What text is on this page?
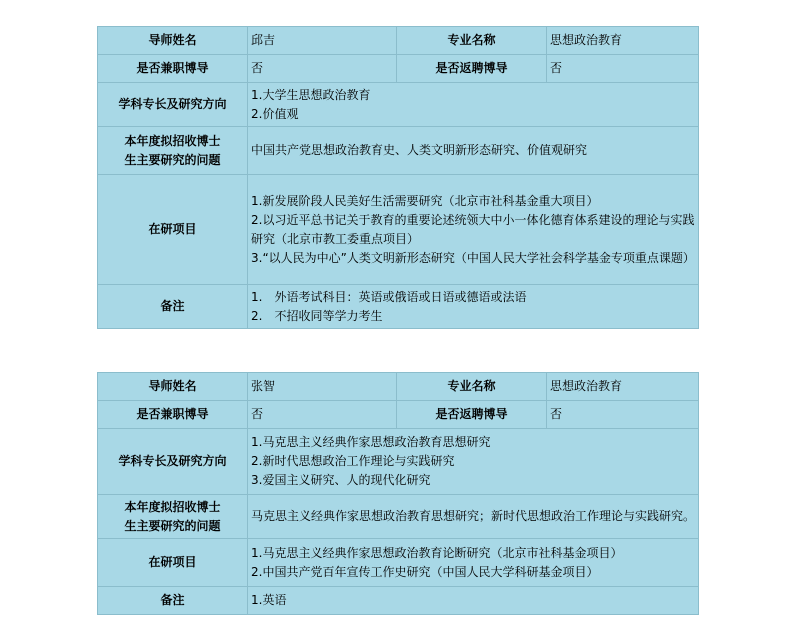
导师姓名	邱吉	专业名称	思想政治教育
是否兼职博导	否	是否返聘博导	否
学科专长及研究方向	1.大学生思想政治教育
2.价值观		

本年度拟招收博士
生主要研究的问题	中国共产党思想政治教育史、人类文明新形态研究、价值观研究		
在研项目	1.新发展阶段人民美好生活需要研究（北京市社科基金重大项目）
2.以习近平总书记关于教育的重要论述统领大中小一体化德育体系建设的理论与实践研究（北京市教工委重点项目）
3.“以人民为中心”人类文明新形态研究（中国人民大学社会科学基金专项重点课题）		

备注	1.　外语考试科目：英语或俄语或日语或德语或法语
2.　不招收同等学力考生		
导师姓名	张智	专业名称	思想政治教育
是否兼职博导	否	是否返聘博导	否
学科专长及研究方向	1.马克思主义经典作家思想政治教育思想研究
2.新时代思想政治工作理论与实践研究
3.爱国主义研究、人的现代化研究		

本年度拟招收博士
生主要研究的问题	马克思主义经典作家思想政治教育思想研究；新时代思想政治工作理论与实践研究。		
在研项目	1.马克思主义经典作家思想政治教育论断研究（北京市社科基金项目）
2.中国共产党百年宣传工作史研究（中国人民大学科研基金项目）		

备注	1.英语		
